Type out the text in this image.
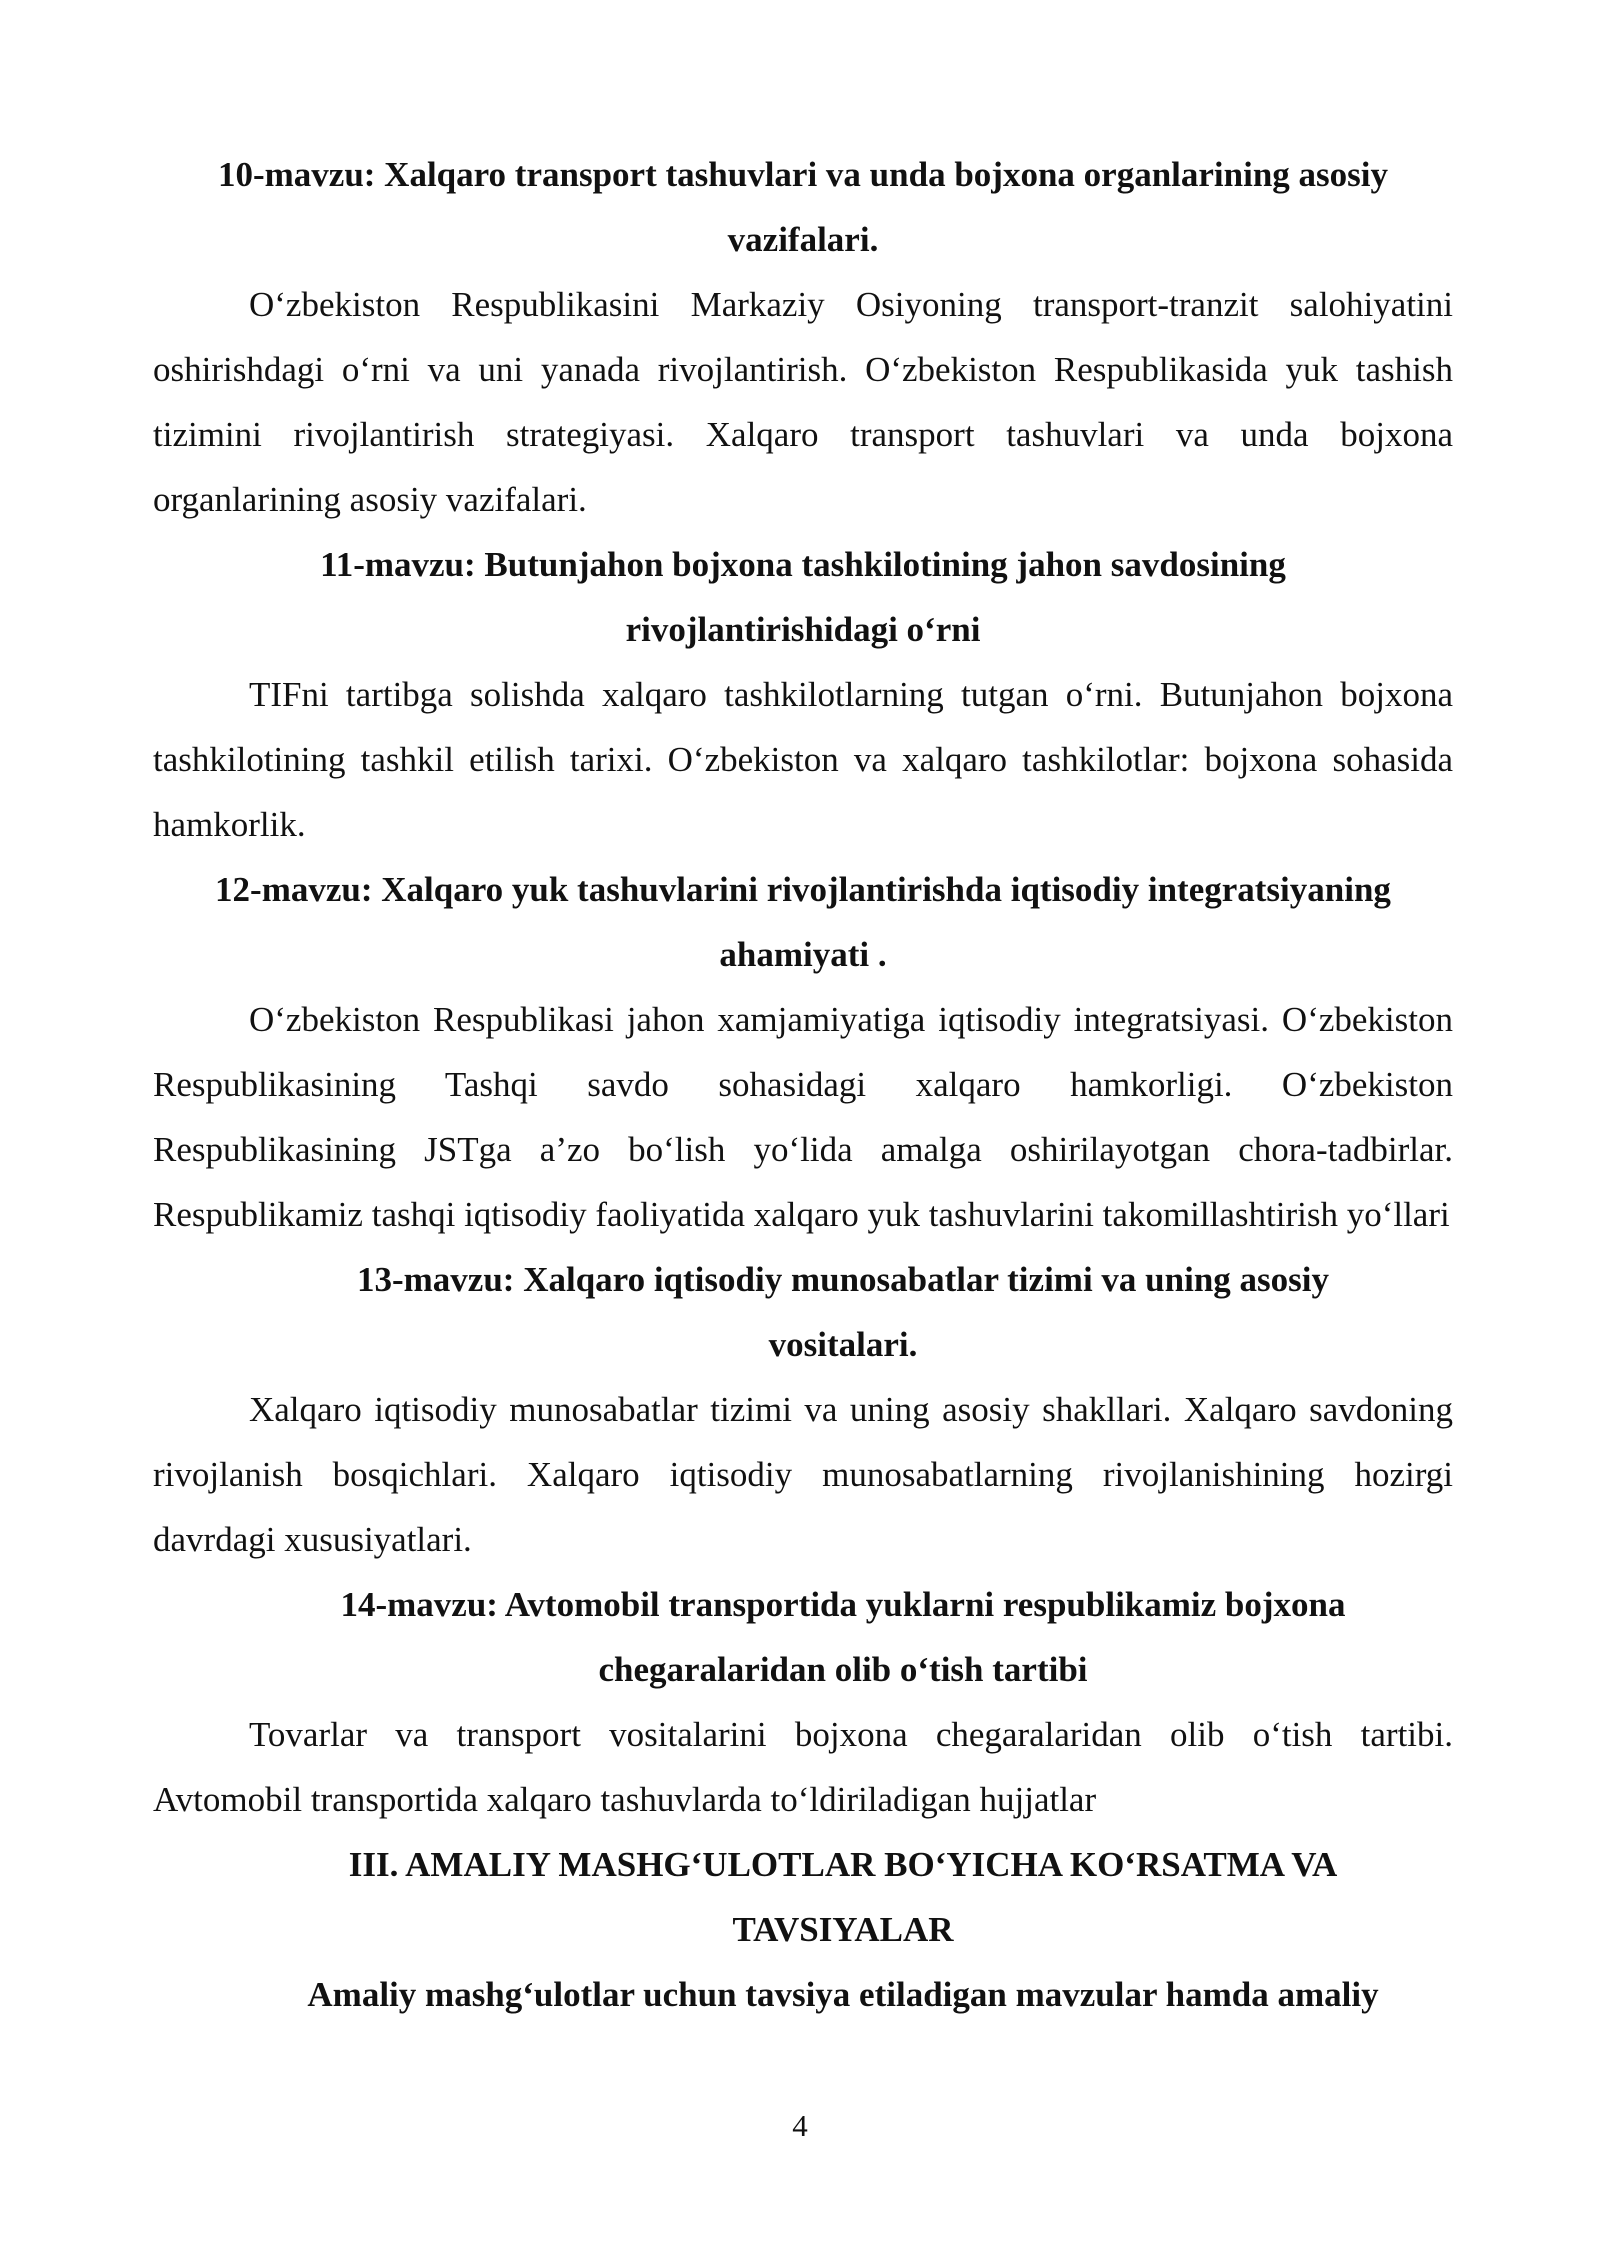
10-mavzu: Xalqaro transport tashuvlari va unda bojxona organlarining asosiy
vazifalari.

O‘zbekiston Respublikasini Markaziy Osiyoning transport-tranzit salohiyatini oshirishdagi o‘rni va uni yanada rivojlantirish. O‘zbekiston Respublikasida yuk tashish tizimini rivojlantirish strategiyasi. Xalqaro transport tashuvlari va unda bojxona organlarining asosiy vazifalari.

11-mavzu: Butunjahon bojxona tashkilotining jahon savdosining
rivojlantirishidagi o‘rni

TIFni tartibga solishda xalqaro tashkilotlarning tutgan o‘rni. Butunjahon bojxona tashkilotining tashkil etilish tarixi. O‘zbekiston va xalqaro tashkilotlar: bojxona sohasida hamkorlik.

12-mavzu: Xalqaro yuk tashuvlarini rivojlantirishda iqtisodiy integratsiyaning
ahamiyati .

O‘zbekiston Respublikasi jahon xamjamiyatiga iqtisodiy integratsiyasi. O‘zbekiston Respublikasining Tashqi savdo sohasidagi xalqaro hamkorligi. O‘zbekiston Respublikasining JSTga a’zo bo‘lish yo‘lida amalga oshirilayotgan chora-tadbirlar. Respublikamiz tashqi iqtisodiy faoliyatida xalqaro yuk tashuvlarini takomillashtirish yo‘llari

13-mavzu: Xalqaro iqtisodiy munosabatlar tizimi va uning asosiy
vositalari.

Xalqaro iqtisodiy munosabatlar tizimi va uning asosiy shakllari. Xalqaro savdoning rivojlanish bosqichlari. Xalqaro iqtisodiy munosabatlarning rivojlanishining hozirgi davrdagi xususiyatlari.

14-mavzu: Avtomobil transportida yuklarni respublikamiz bojxona
chegaralaridan olib o‘tish tartibi

Tovarlar va transport vositalarini bojxona chegaralaridan olib o‘tish tartibi. Avtomobil transportida xalqaro tashuvlarda to‘ldiriladigan hujjatlar

III. AMALIY MASHG‘ULOTLAR BO‘YICHA KO‘RSATMA VA
TAVSIYALAR
Amaliy mashg‘ulotlar uchun tavsiya etiladigan mavzular hamda amaliy
4
